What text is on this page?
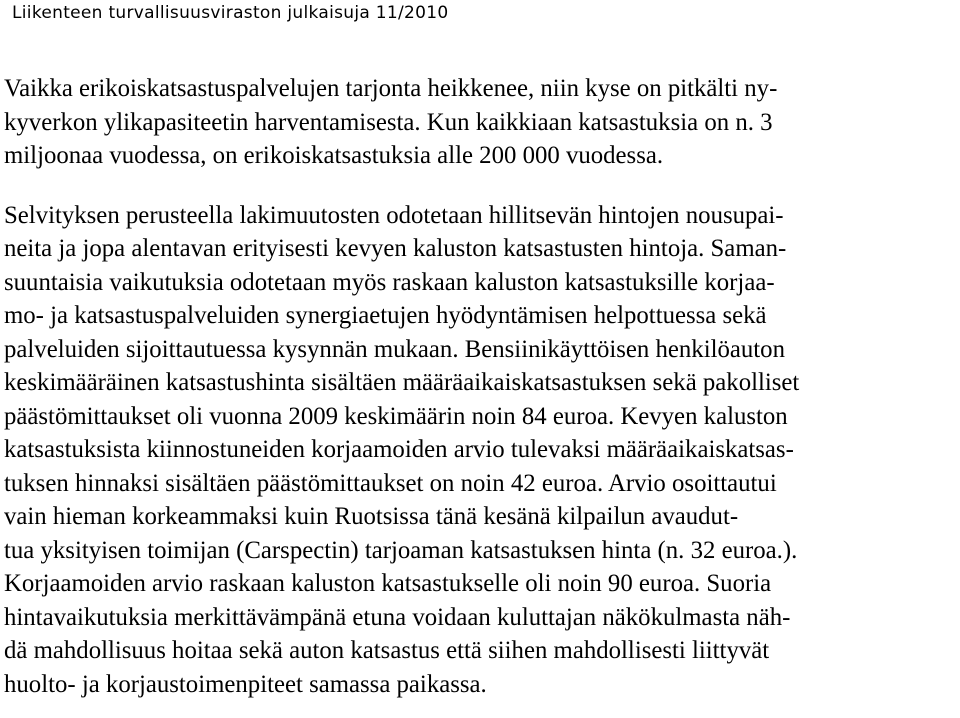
Liikenteen turvallisuusviraston julkaisuja 11/2010

Vaikka erikoiskatsastuspalvelujen tarjonta heikkenee, niin kyse on pitkälti ny-
kyverkon ylikapasiteetin harventamisesta. Kun kaikkiaan katsastuksia on n. 3
miljoonaa vuodessa, on erikoiskatsastuksia alle 200 000 vuodessa.

Selvityksen perusteella lakimuutosten odotetaan hillitsevän hintojen nousupai-
neita ja jopa alentavan erityisesti kevyen kaluston katsastusten hintoja. Saman-
suuntaisia vaikutuksia odotetaan myös raskaan kaluston katsastuksille korjaa-
mo- ja katsastuspalveluiden synergiaetujen hyödyntämisen helpottuessa sekä
palveluiden sijoittautuessa kysynnän mukaan. Bensiinikäyttöisen henkilöauton
keskimääräinen katsastushinta sisältäen määräaikaiskatsastuksen sekä pakolliset
päästömittaukset oli vuonna 2009 keskimäärin noin 84 euroa. Kevyen kaluston
katsastuksista kiinnostuneiden korjaamoiden arvio tulevaksi määräaikaiskatsas-
tuksen hinnaksi sisältäen päästömittaukset on noin 42 euroa. Arvio osoittautui
vain hieman korkeammaksi kuin Ruotsissa tänä kesänä kilpailun avaudut-
tua yksityisen toimijan (Carspectin) tarjoaman katsastuksen hinta (n. 32 euroa.).
Korjaamoiden arvio raskaan kaluston katsastukselle oli noin 90 euroa. Suoria
hintavaikutuksia merkittävämpänä etuna voidaan kuluttajan näkökulmasta näh-
dä mahdollisuus hoitaa sekä auton katsastus että siihen mahdollisesti liittyvät
huolto- ja korjaustoimenpiteet samassa paikassa.
